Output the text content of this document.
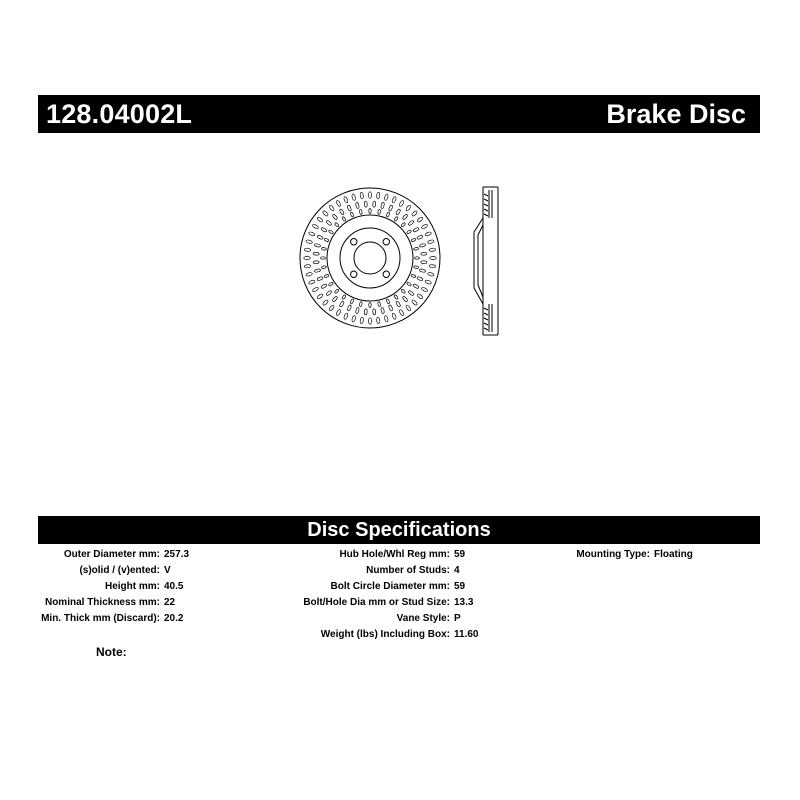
128.04002L	Brake Disc
Disc Specifications
Outer Diameter mm: 257.3
(s)olid / (v)ented: V
Height mm: 40.5
Nominal Thickness mm: 22
Min. Thick mm (Discard): 20.2
Hub Hole/Whl Reg mm: 59
Number of Studs: 4
Bolt Circle Diameter mm: 59
Bolt/Hole Dia mm or Stud Size: 13.3
Vane Style: P
Weight (lbs) Including Box: 11.60
Mounting Type: Floating
Note:
